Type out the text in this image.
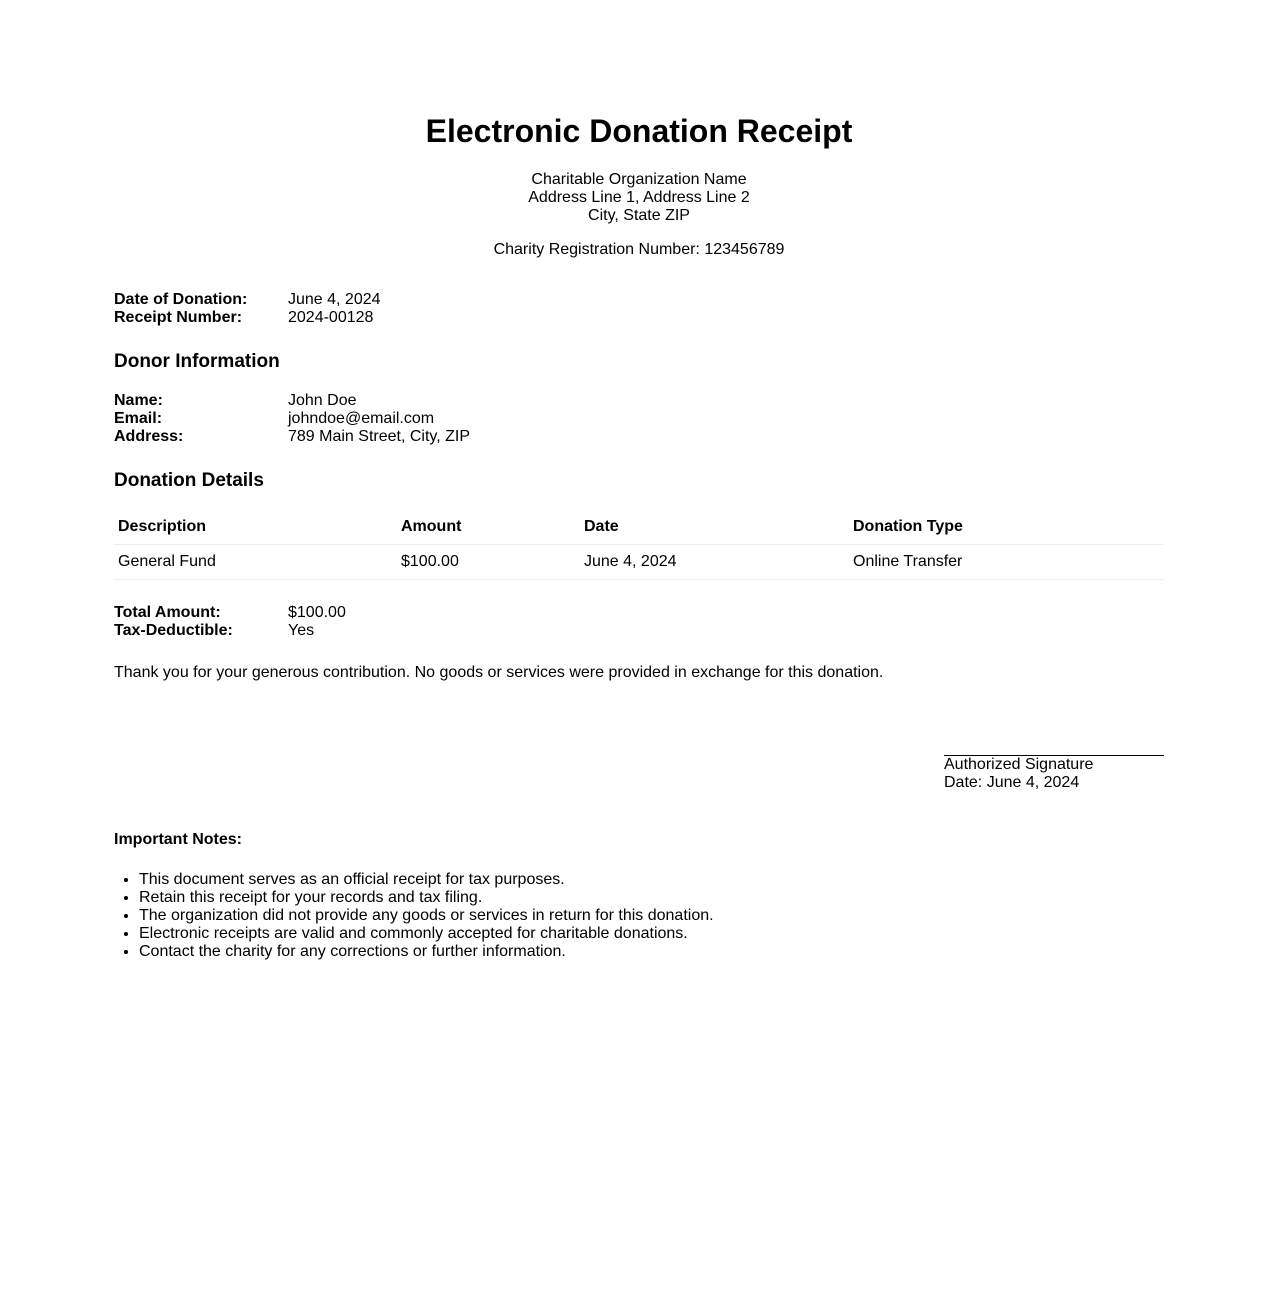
Electronic Donation Receipt
Charitable Organization Name
Address Line 1, Address Line 2
City, State ZIP
Charity Registration Number: 123456789
Date of Donation:	June 4, 2024
Receipt Number:	2024-00128
Donor Information
Name:	John Doe
Email:	johndoe@email.com
Address:	789 Main Street, City, ZIP
Donation Details
Description	Amount	Date	Donation Type
General Fund	$100.00	June 4, 2024	Online Transfer
Total Amount:	$100.00
Tax-Deductible:	Yes
Thank you for your generous contribution. No goods or services were provided in exchange for this donation.
Authorized Signature
Date: June 4, 2024
Important Notes:
• This document serves as an official receipt for tax purposes.
• Retain this receipt for your records and tax filing.
• The organization did not provide any goods or services in return for this donation.
• Electronic receipts are valid and commonly accepted for charitable donations.
• Contact the charity for any corrections or further information.
